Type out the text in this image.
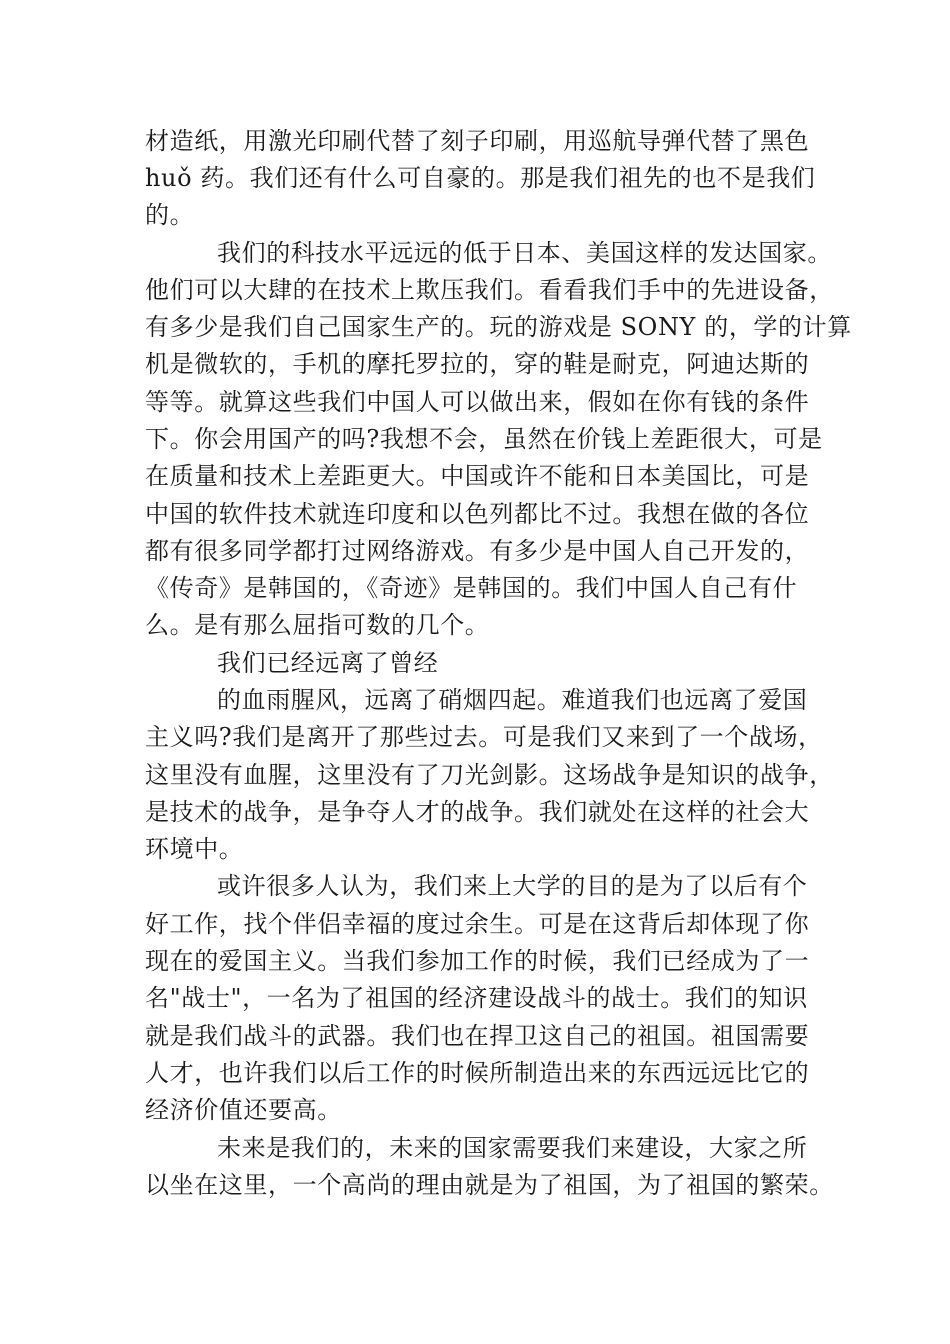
材造纸，用激光印刷代替了刻子印刷，用巡航导弹代替了黑色
huǒ 药。我们还有什么可自豪的。那是我们祖先的也不是我们
的。
我们的科技水平远远的低于日本、美国这样的发达国家。
他们可以大肆的在技术上欺压我们。看看我们手中的先进设备，
有多少是我们自己国家生产的。玩的游戏是 SONY 的，学的计算
机是微软的，手机的摩托罗拉的，穿的鞋是耐克，阿迪达斯的
等等。就算这些我们中国人可以做出来，假如在你有钱的条件
下。你会用国产的吗?我想不会，虽然在价钱上差距很大，可是
在质量和技术上差距更大。中国或许不能和日本美国比，可是
中国的软件技术就连印度和以色列都比不过。我想在做的各位
都有很多同学都打过网络游戏。有多少是中国人自己开发的，
《传奇》是韩国的，《奇迹》是韩国的。我们中国人自己有什
么。是有那么屈指可数的几个。
我们已经远离了曾经
的血雨腥风，远离了硝烟四起。难道我们也远离了爱国
主义吗?我们是离开了那些过去。可是我们又来到了一个战场，
这里没有血腥，这里没有了刀光剑影。这场战争是知识的战争，
是技术的战争，是争夺人才的战争。我们就处在这样的社会大
环境中。
或许很多人认为，我们来上大学的目的是为了以后有个
好工作，找个伴侣幸福的度过余生。可是在这背后却体现了你
现在的爱国主义。当我们参加工作的时候，我们已经成为了一
名"战士"，一名为了祖国的经济建设战斗的战士。我们的知识
就是我们战斗的武器。我们也在捍卫这自己的祖国。祖国需要
人才，也许我们以后工作的时候所制造出来的东西远远比它的
经济价值还要高。
未来是我们的，未来的国家需要我们来建设，大家之所
以坐在这里，一个高尚的理由就是为了祖国，为了祖国的繁荣。
